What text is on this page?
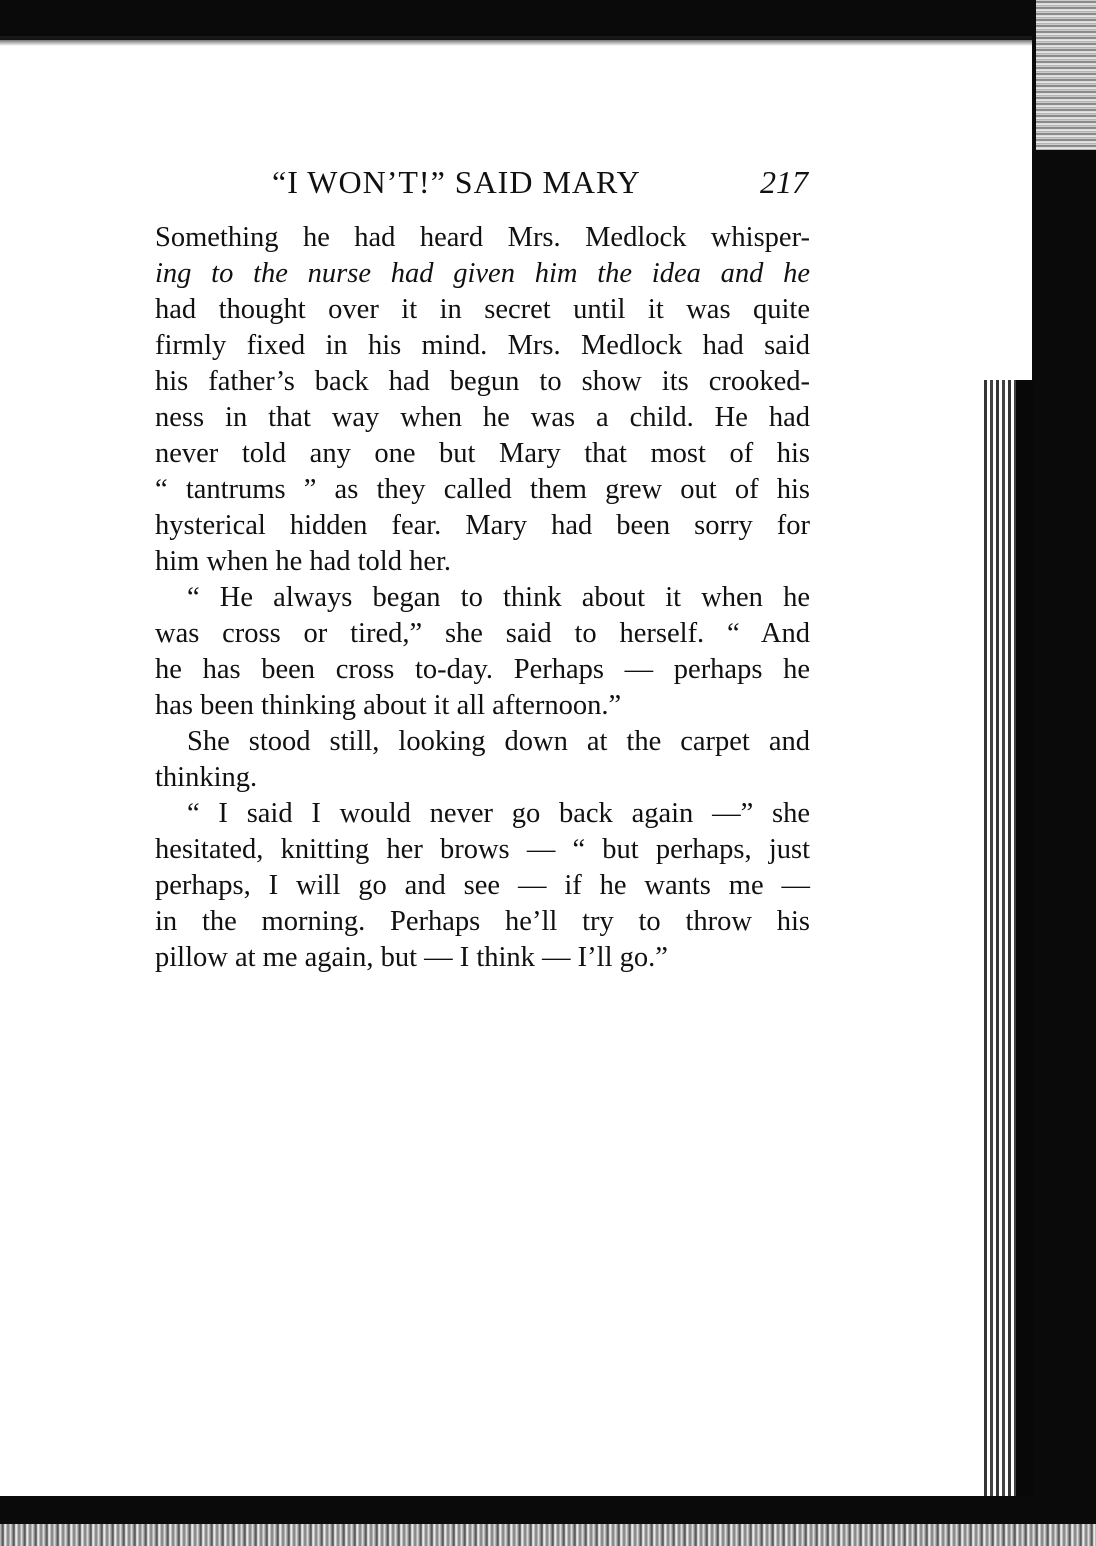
“I WON’T!” SAID MARY	217
Something he had heard Mrs. Medlock whisper-
ing to the nurse had given him the idea and he
had thought over it in secret until it was quite
firmly fixed in his mind. Mrs. Medlock had said
his father’s back had begun to show its crooked-
ness in that way when he was a child. He had
never told any one but Mary that most of his
“ tantrums ” as they called them grew out of his
hysterical hidden fear. Mary had been sorry for
him when he had told her.
“ He always began to think about it when he
was cross or tired,” she said to herself. “ And
he has been cross to-day. Perhaps — perhaps he
has been thinking about it all afternoon.”
She stood still, looking down at the carpet and
thinking.
“ I said I would never go back again —” she
hesitated, knitting her brows — “ but perhaps, just
perhaps, I will go and see — if he wants me —
in the morning. Perhaps he’ll try to throw his
pillow at me again, but — I think — I’ll go.”
